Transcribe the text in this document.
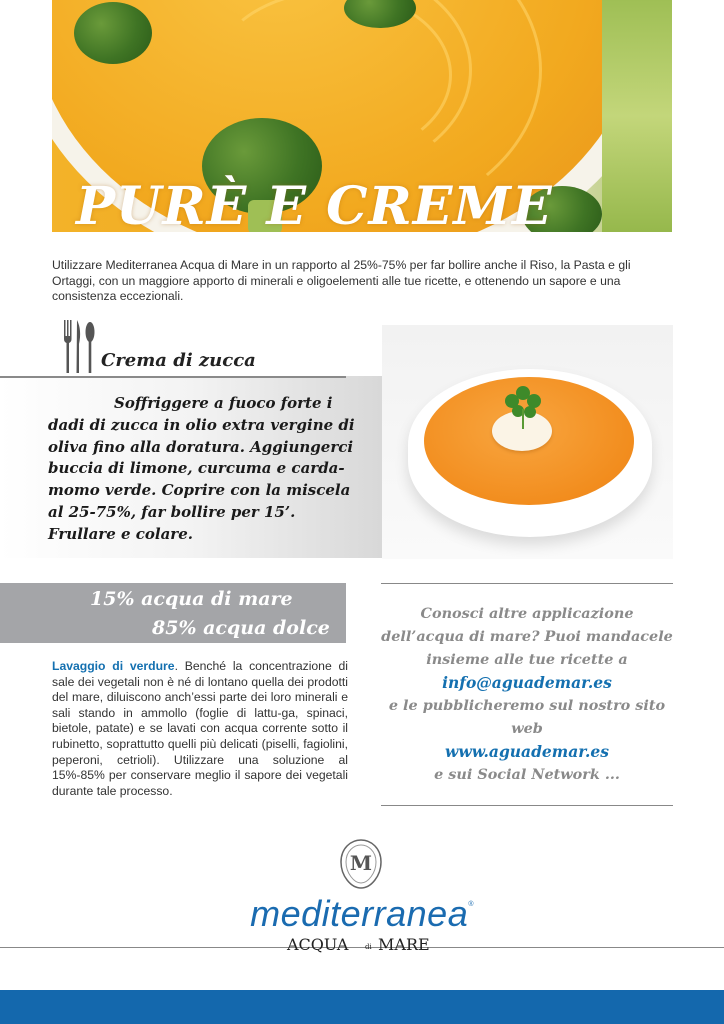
PURÈ E CREME

Utilizzare Mediterranea Acqua di Mare in un rapporto al 25%-75% per far bollire anche il Riso, la Pasta e gli Ortaggi, con un maggiore apporto di minerali e oligoelementi alle tue ricette, e ottenendo un sapore e una consistenza eccezionali.

Crema di zucca

Soffriggere a fuoco forte i dadi di zucca in olio extra vergine di oliva fino alla doratura. Aggiungerci buccia di limone, curcuma e carda-momo verde. Coprire con la miscela al 25-75%, far bollire per 15’. Frullare e colare.

15% acqua di mare
85% acqua dolce

Lavaggio di verdure. Benché la concentrazione di sale dei vegetali non è né di lontano quella dei prodotti del mare, diluiscono anch’essi parte dei loro minerali e sali stando in ammollo (foglie di lattu-ga, spinaci, bietole, patate) e se lavati con acqua corrente sotto il rubinetto, soprattutto quelli più delicati (piselli, fagiolini, peperoni, cetrioli). Utilizzare una soluzione al 15%-85% per conservare meglio il sapore dei vegetali durante tale processo.

Conosci altre applicazione dell’acqua di mare? Puoi mandacele insieme alle tue ricette a
info@aguademar.es
e le pubblicheremo sul nostro sito web
www.aguademar.es
e sui Social Network ...
M
mediterranea®
ACQUA di MARE
